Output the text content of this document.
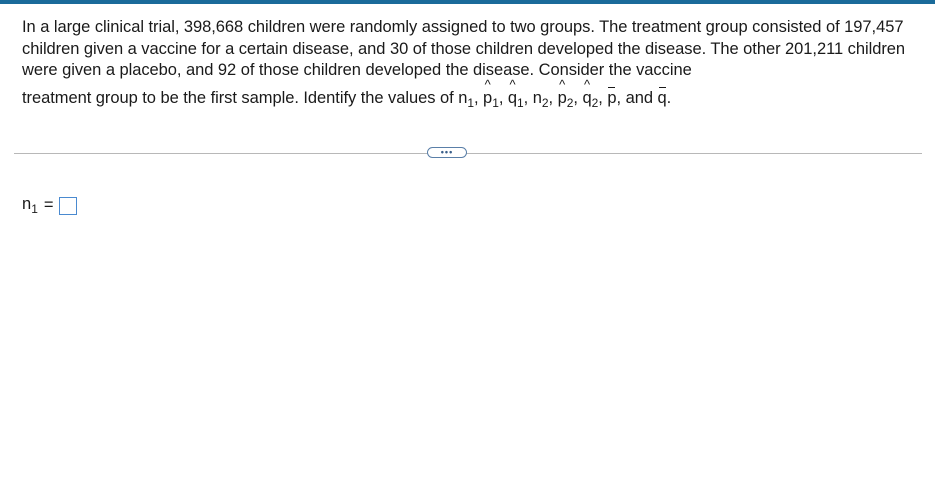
In a large clinical trial, 398,668 children were randomly assigned to two groups. The treatment group consisted of 197,457 children given a vaccine for a certain disease, and 30 of those children developed the disease. The other 201,211 children were given a placebo, and 92 of those children developed the disease. Consider the vaccine
treatment group to be the first sample. Identify the values of $n_1$, p
^
$_1$, q
^
$_1$, $n_2$, p
^
$_2$, q
^
$_2$, p
, and q
.
•••
$n_1$ =
